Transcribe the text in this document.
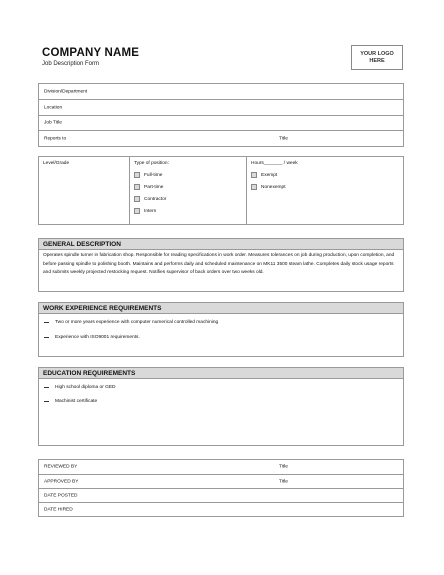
COMPANY NAME
Job Description Form
YOUR LOGO
HERE
Division/Department
Location
Job Title
Reports to	Title
Level/Grade	Type of position:
Full-time
Part-time
Contractor
Intern
Hours_______ / week
Exempt
Nonexempt
GENERAL DESCRIPTION
Operates spindle turner in fabrication shop. Responsible for reading specifications in work order. Measures tolerances on job during production, upon completion, and before passing spindle to polishing booth. Maintains and performs daily and scheduled maintenance on MK11 3500 steam lathe. Completes daily stock usage reports and submits weekly projected restocking request. Notifies supervisor of back orders over two weeks old.
WORK EXPERIENCE REQUIREMENTS
Two or more years experience with computer numerical controlled machining
Experience with ISO9001 requirements.
EDUCATION REQUIREMENTS
High school diploma or GED
Machinist certificate
REVIEWED BY	Title
APPROVED BY	Title
DATE POSTED
DATE HIRED
